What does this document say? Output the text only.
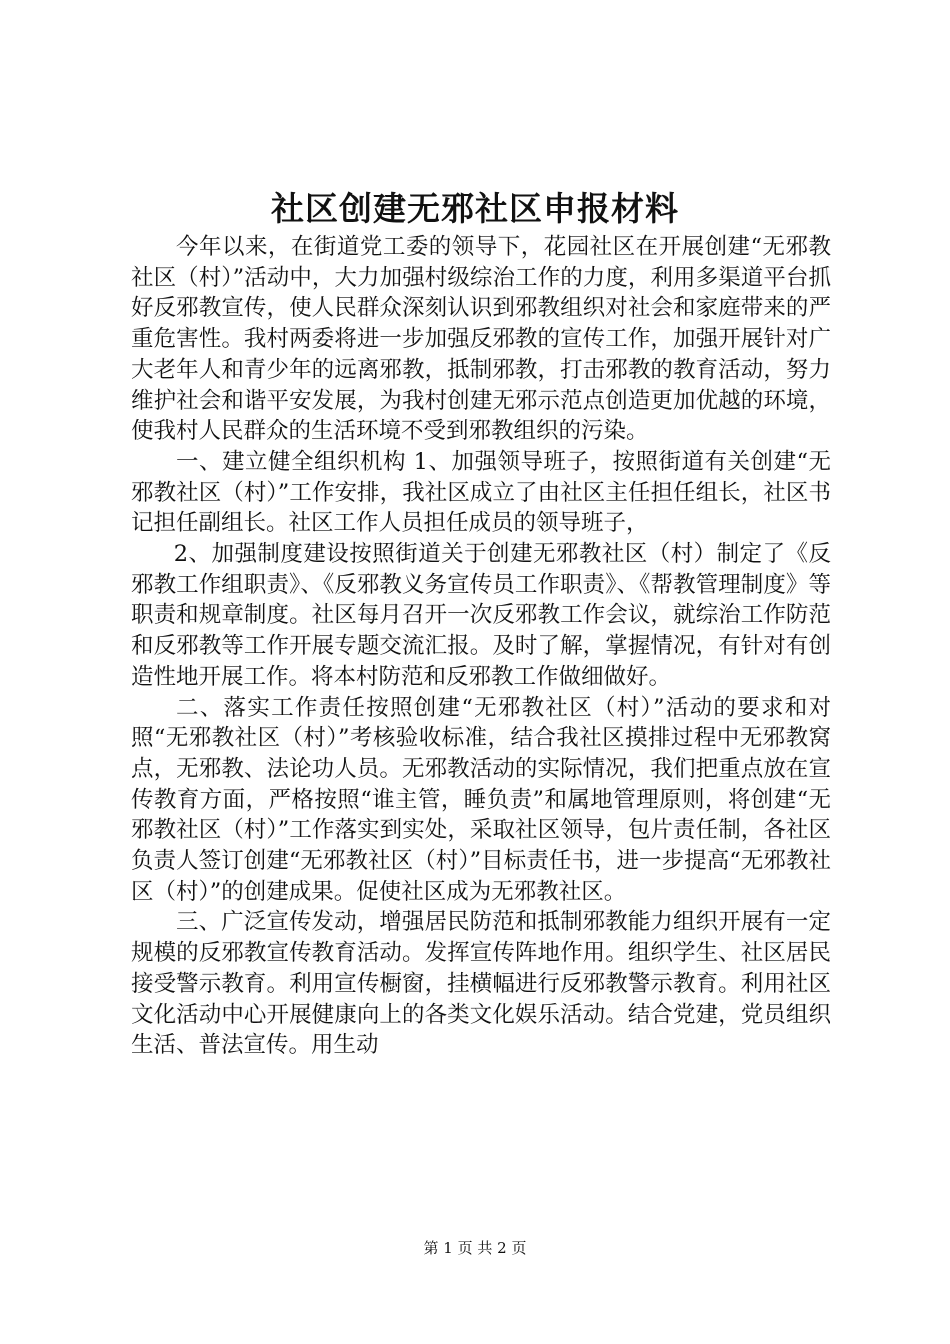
社区创建无邪社区申报材料

今年以来，在街道党工委的领导下，花园社区在开展创建“无邪教社区（村）”活动中，大力加强村级综治工作的力度，利用多渠道平台抓好反邪教宣传，使人民群众深刻认识到邪教组织对社会和家庭带来的严重危害性。我村两委将进一步加强反邪教的宣传工作，加强开展针对广大老年人和青少年的远离邪教，抵制邪教，打击邪教的教育活动，努力维护社会和谐平安发展，为我村创建无邪示范点创造更加优越的环境，使我村人民群众的生活环境不受到邪教组织的污染。

一、建立健全组织机构 1、加强领导班子，按照街道有关创建“无邪教社区（村）”工作安排，我社区成立了由社区主任担任组长，社区书记担任副组长。社区工作人员担任成员的领导班子，

2、加强制度建设按照街道关于创建无邪教社区（村）制定了《反邪教工作组职责》、《反邪教义务宣传员工作职责》、《帮教管理制度》等职责和规章制度。社区每月召开一次反邪教工作会议，就综治工作防范和反邪教等工作开展专题交流汇报。及时了解，掌握情况，有针对有创造性地开展工作。将本村防范和反邪教工作做细做好。

二、落实工作责任按照创建“无邪教社区（村）”活动的要求和对照“无邪教社区（村）”考核验收标准，结合我社区摸排过程中无邪教窝点，无邪教、法论功人员。无邪教活动的实际情况，我们把重点放在宣传教育方面，严格按照“谁主管，睡负责”和属地管理原则，将创建“无邪教社区（村）”工作落实到实处，采取社区领导，包片责任制，各社区负责人签订创建“无邪教社区（村）”目标责任书，进一步提高“无邪教社区（村）”的创建成果。促使社区成为无邪教社区。

三、广泛宣传发动，增强居民防范和抵制邪教能力组织开展有一定规模的反邪教宣传教育活动。发挥宣传阵地作用。组织学生、社区居民接受警示教育。利用宣传橱窗，挂横幅进行反邪教警示教育。利用社区文化活动中心开展健康向上的各类文化娱乐活动。结合党建，党员组织生活、普法宣传。用生动

第 1 页 共 2 页
